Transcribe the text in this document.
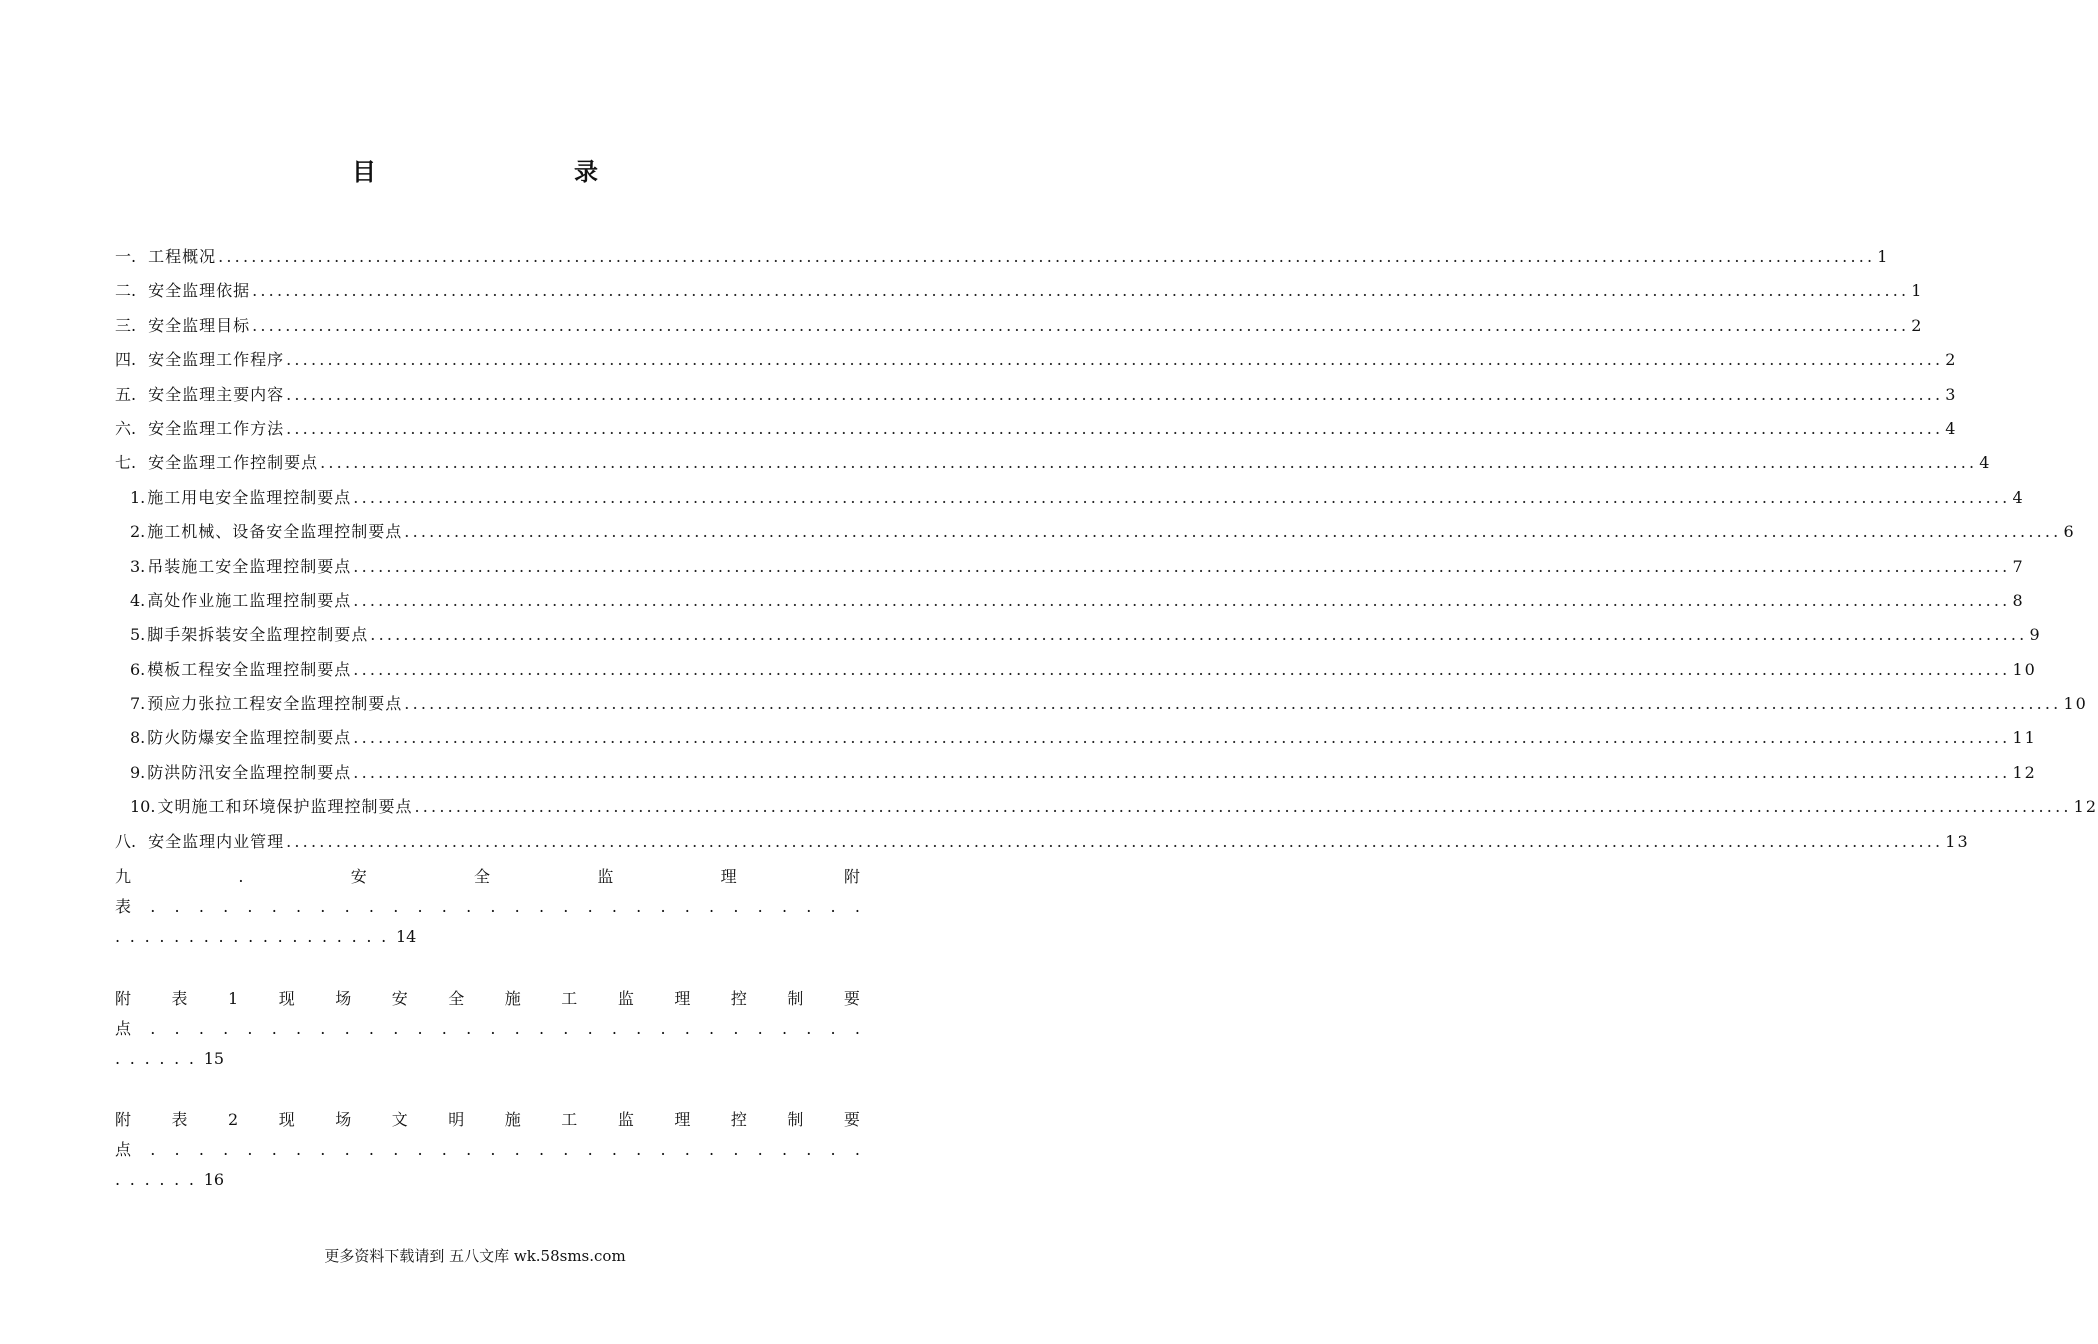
目　　录
一. 工程概况 ........................................................................................................................................................................................................ 1
二. 安全监理依据 ........................................................................................................................................................................................................ 1
三. 安全监理目标 ........................................................................................................................................................................................................ 2
四. 安全监理工作程序 ........................................................................................................................................................................................................ 2
五. 安全监理主要内容 ........................................................................................................................................................................................................ 3
六. 安全监理工作方法 ........................................................................................................................................................................................................ 4
七. 安全监理工作控制要点 ........................................................................................................................................................................................................ 4
1. 施工用电安全监理控制要点 ........................................................................................................................................................................................................ 4
2. 施工机械、设备安全监理控制要点 ........................................................................................................................................................................................................ 6
3. 吊装施工安全监理控制要点 ........................................................................................................................................................................................................ 7
4. 高处作业施工监理控制要点 ........................................................................................................................................................................................................ 8
5. 脚手架拆装安全监理控制要点 ........................................................................................................................................................................................................ 9
6. 模板工程安全监理控制要点 ........................................................................................................................................................................................................ 10
7. 预应力张拉工程安全监理控制要点 ........................................................................................................................................................................................................ 10
8. 防火防爆安全监理控制要点 ........................................................................................................................................................................................................ 11
9. 防洪防汛安全监理控制要点 ........................................................................................................................................................................................................ 12
10. 文明施工和环境保护监理控制要点 ........................................................................................................................................................................................................ 12
八. 安全监理内业管理 ........................................................................................................................................................................................................ 13
九	.	安	全	监	理	附
表 . . . . . . . . . . . . . . . . . . . . . . . . . . . . . .
...................14
附	表	1	现	场	安	全	施	工	监	理	控	制	要
点 . . . . . . . . . . . . . . . . . . . . . . . . . . . . . .
......15
附	表	2	现	场	文	明	施	工	监	理	控	制	要
点 . . . . . . . . . . . . . . . . . . . . . . . . . . . . . .
......16
更多资料下载请到 五八文库 wk.58sms.com
